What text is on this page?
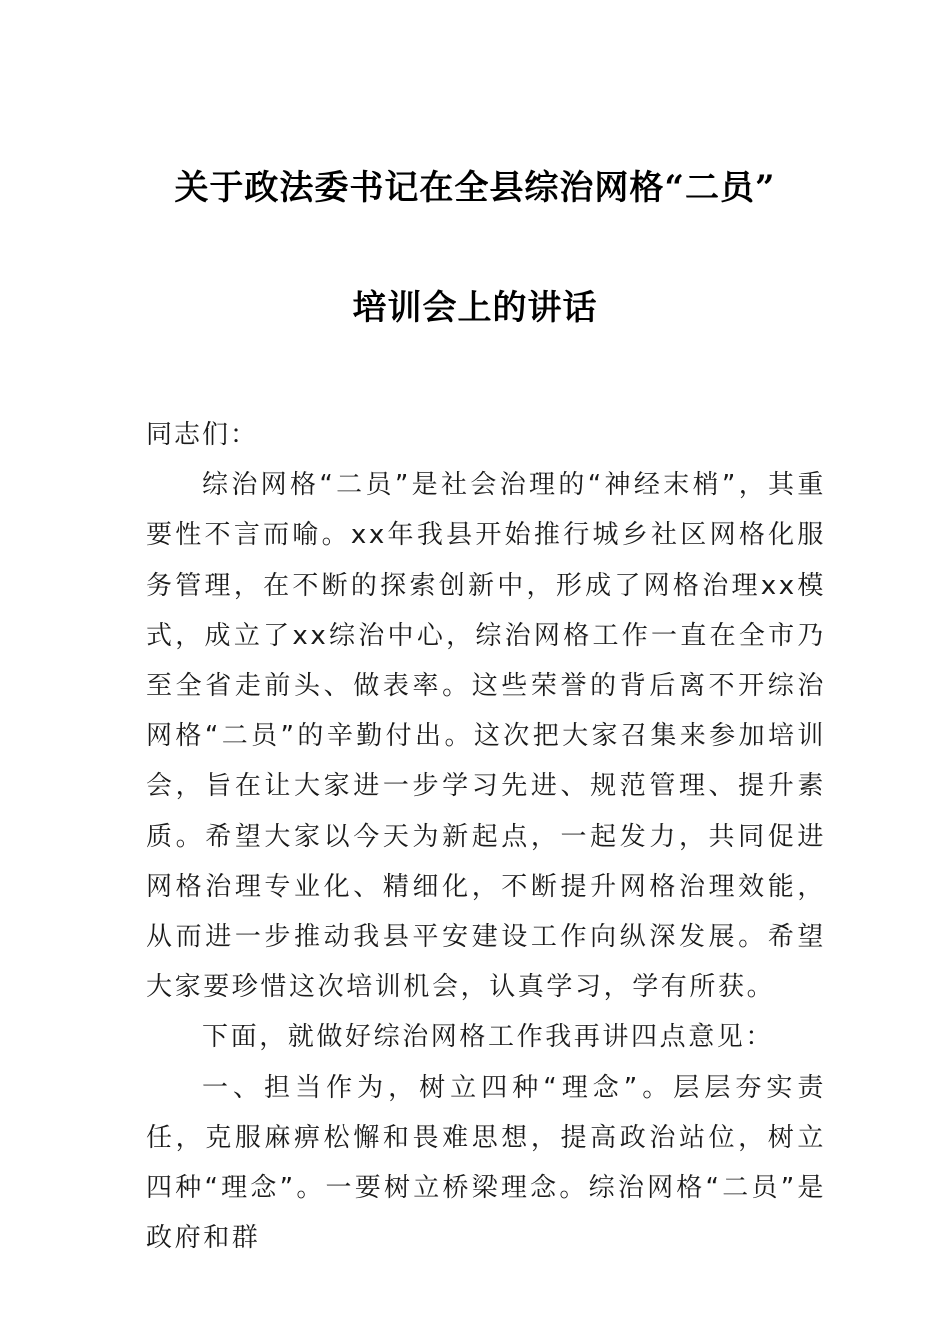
关于政法委书记在全县综治网格“二员”
培训会上的讲话

同志们：

综治网格“二员”是社会治理的“神经末梢”，其重要性不言而喻。xx年我县开始推行城乡社区网格化服务管理，在不断的探索创新中，形成了网格治理xx模式，成立了xx综治中心，综治网格工作一直在全市乃至全省走前头、做表率。这些荣誉的背后离不开综治网格“二员”的辛勤付出。这次把大家召集来参加培训会，旨在让大家进一步学习先进、规范管理、提升素质。希望大家以今天为新起点，一起发力，共同促进网格治理专业化、精细化，不断提升网格治理效能，从而进一步推动我县平安建设工作向纵深发展。希望大家要珍惜这次培训机会，认真学习，学有所获。

下面，就做好综治网格工作我再讲四点意见：

一、担当作为，树立四种“理念”。层层夯实责任，克服麻痹松懈和畏难思想，提高政治站位，树立四种“理念”。一要树立桥梁理念。综治网格“二员”是政府和群
